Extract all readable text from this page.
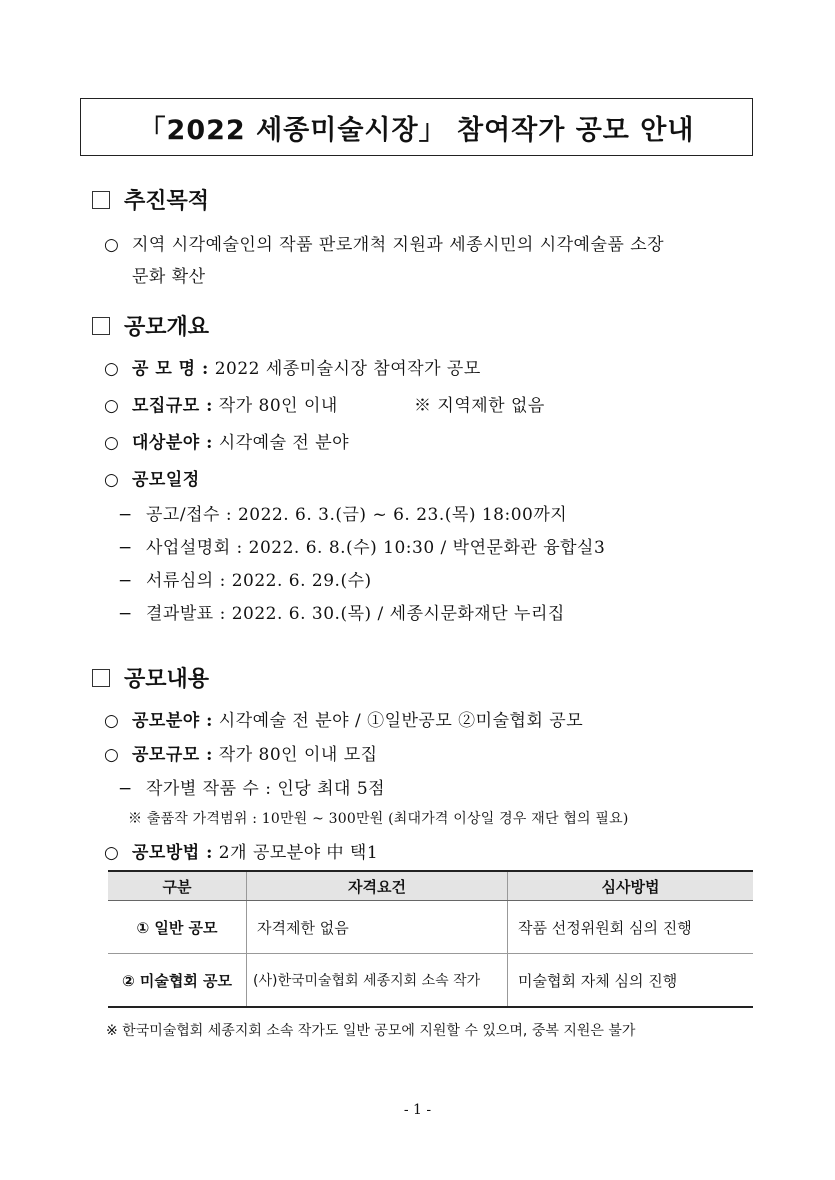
「2022 세종미술시장」 참여작가 공모 안내
추진목적
○ 지역 시각예술인의 작품 판로개척 지원과 세종시민의 시각예술품 소장
문화 확산
공모개요
○ 공 모 명 : 2022 세종미술시장 참여작가 공모
○ 모집규모 : 작가 80인 이내	※ 지역제한 없음
○ 대상분야 : 시각예술 전 분야
○ 공모일정
− 공고/접수 : 2022. 6. 3.(금) ~ 6. 23.(목) 18:00까지
− 사업설명회 : 2022. 6. 8.(수) 10:30 / 박연문화관 융합실3
− 서류심의 : 2022. 6. 29.(수)
− 결과발표 : 2022. 6. 30.(목) / 세종시문화재단 누리집
공모내용
○ 공모분야 : 시각예술 전 분야 / ①일반공모 ②미술협회 공모
○ 공모규모 : 작가 80인 이내 모집
− 작가별 작품 수 : 인당 최대 5점
※ 출품작 가격범위 : 10만원 ~ 300만원 (최대가격 이상일 경우 재단 협의 필요)
○ 공모방법 : 2개 공모분야 中 택1
구분	자격요건	심사방법
① 일반 공모	자격제한 없음	작품 선정위원회 심의 진행
② 미술협회 공모	(사)한국미술협회 세종지회 소속 작가	미술협회 자체 심의 진행
※ 한국미술협회 세종지회 소속 작가도 일반 공모에 지원할 수 있으며, 중복 지원은 불가
- 1 -
